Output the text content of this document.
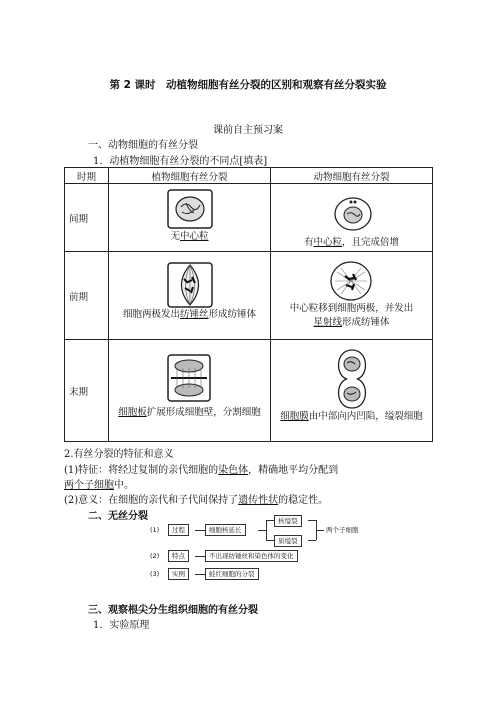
第 2 课时　动植物细胞有丝分裂的区别和观察有丝分裂实验
课前自主预习案
一、动物细胞的有丝分裂
1．动植物细胞有丝分裂的不同点[填表]
时期	植物细胞有丝分裂	动物细胞有丝分裂
间期	无中心粒	有中心粒，且完成倍增

前期	细胞两极发出纺锤丝形成纺锤体	中心粒移到细胞两极，并发出
星射线形成纺锤体

末期	细胞板扩展形成细胞壁，分割细胞	细胞膜由中部向内凹陷，缢裂细胞
2.有丝分裂的特征和意义
(1)特征：将经过复制的亲代细胞的染色体，精确地平均分配到
两个子细胞中。
(2)意义：在细胞的亲代和子代间保持了遗传性状的稳定性。
二、无丝分裂
(1)	过程	细胞核延长
核缢裂
质缢裂
两个子细胞
(2)	特点	不出现纺锤丝和染色体的变化
(3)	实例	蛙红细胞的分裂
三、观察根尖分生组织细胞的有丝分裂
1．实验原理
